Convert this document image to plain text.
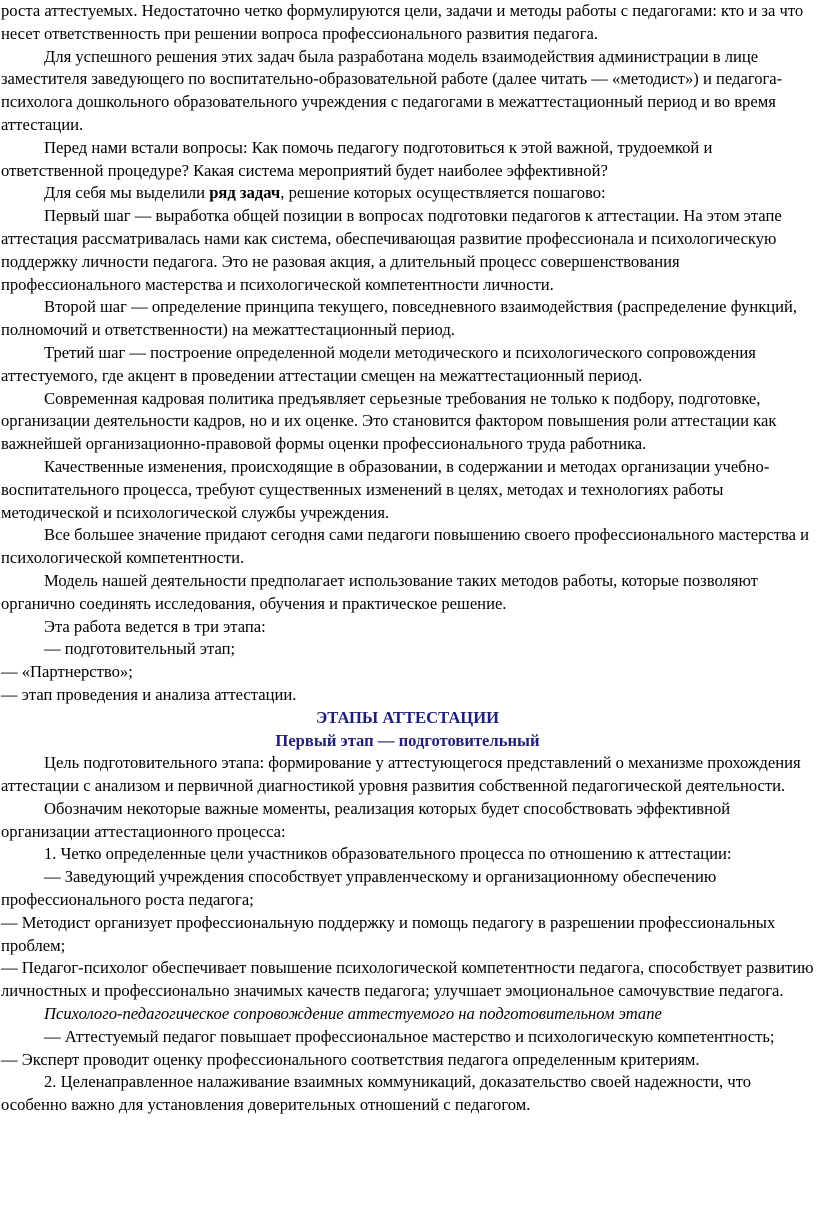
роста аттестуемых. Недостаточно четко формулируются цели, задачи и методы работы с педагогами: кто и за что несет ответственность при решении вопроса профессионального развития педагога.

Для успешного решения этих задач была разработана модель взаимодействия администрации в лице заместителя заведующего по воспитательно-образовательной работе (далее читать — «методист») и педагога-психолога дошкольного образовательного учреждения с педагогами в межаттестационный период и во время аттестации.

Перед нами встали вопросы: Как помочь педагогу подготовиться к этой важной, трудоемкой и ответственной процедуре? Какая система мероприятий будет наиболее эффективной?

Для себя мы выделили ряд задач, решение которых осуществляется пошагово:

Первый шаг — выработка общей позиции в вопросах подготовки педагогов к аттестации. На этом этапе аттестация рассматривалась нами как система, обеспечивающая развитие профессионала и психологическую поддержку личности педагога. Это не разовая акция, а длительный процесс совершенствования профессионального мастерства и психологической компетентности личности.

Второй шаг — определение принципа текущего, повседневного взаимодействия (распределение функций, полномочий и ответственности) на межаттестационный период.

Третий шаг — построение определенной модели методического и психологического сопровождения аттестуемого, где акцент в проведении аттестации смещен на межаттестационный период.

Современная кадровая политика предъявляет серьезные требования не только к подбору, подготовке, организации деятельности кадров, но и их оценке. Это становится фактором повышения роли аттестации как важнейшей организационно-правовой формы оценки профессионального труда работника.

Качественные изменения, происходящие в образовании, в содержании и методах организации учебно-воспитательного процесса, требуют существенных изменений в целях, методах и технологиях работы методической и психологической службы учреждения.

Все большее значение придают сегодня сами педагоги повышению своего профессионального мастерства и психологической компетентности.

Модель нашей деятельности предполагает использование таких методов работы, которые позволяют органично соединять исследования, обучения и практическое решение.

Эта работа ведется в три этапа:

— подготовительный этап;

— «Партнерство»;

— этап проведения и анализа аттестации.

ЭТАПЫ АТТЕСТАЦИИ

Первый этап — подготовительный

Цель подготовительного этапа: формирование у аттестующегося представлений о механизме прохождения аттестации с анализом и первичной диагностикой уровня развития собственной педагогической деятельности.

Обозначим некоторые важные моменты, реализация которых будет способствовать эффективной организации аттестационного процесса:

1. Четко определенные цели участников образовательного процесса по отношению к аттестации:

— Заведующий учреждения способствует управленческому и организационному обеспечению профессионального роста педагога;

— Методист организует профессиональную поддержку и помощь педагогу в разрешении профессиональных проблем;

— Педагог-психолог обеспечивает повышение психологической компетентности педагога, способствует развитию личностных и профессионально значимых качеств педагога; улучшает эмоциональное самочувствие педагога.

Психолого-педагогическое сопровождение аттестуемого на подготовительном этапе

— Аттестуемый педагог повышает профессиональное мастерство и психологическую компетентность;

— Эксперт проводит оценку профессионального соответствия педагога определенным критериям.

2. Целенаправленное налаживание взаимных коммуникаций, доказательство своей надежности, что особенно важно для установления доверительных отношений с педагогом.
